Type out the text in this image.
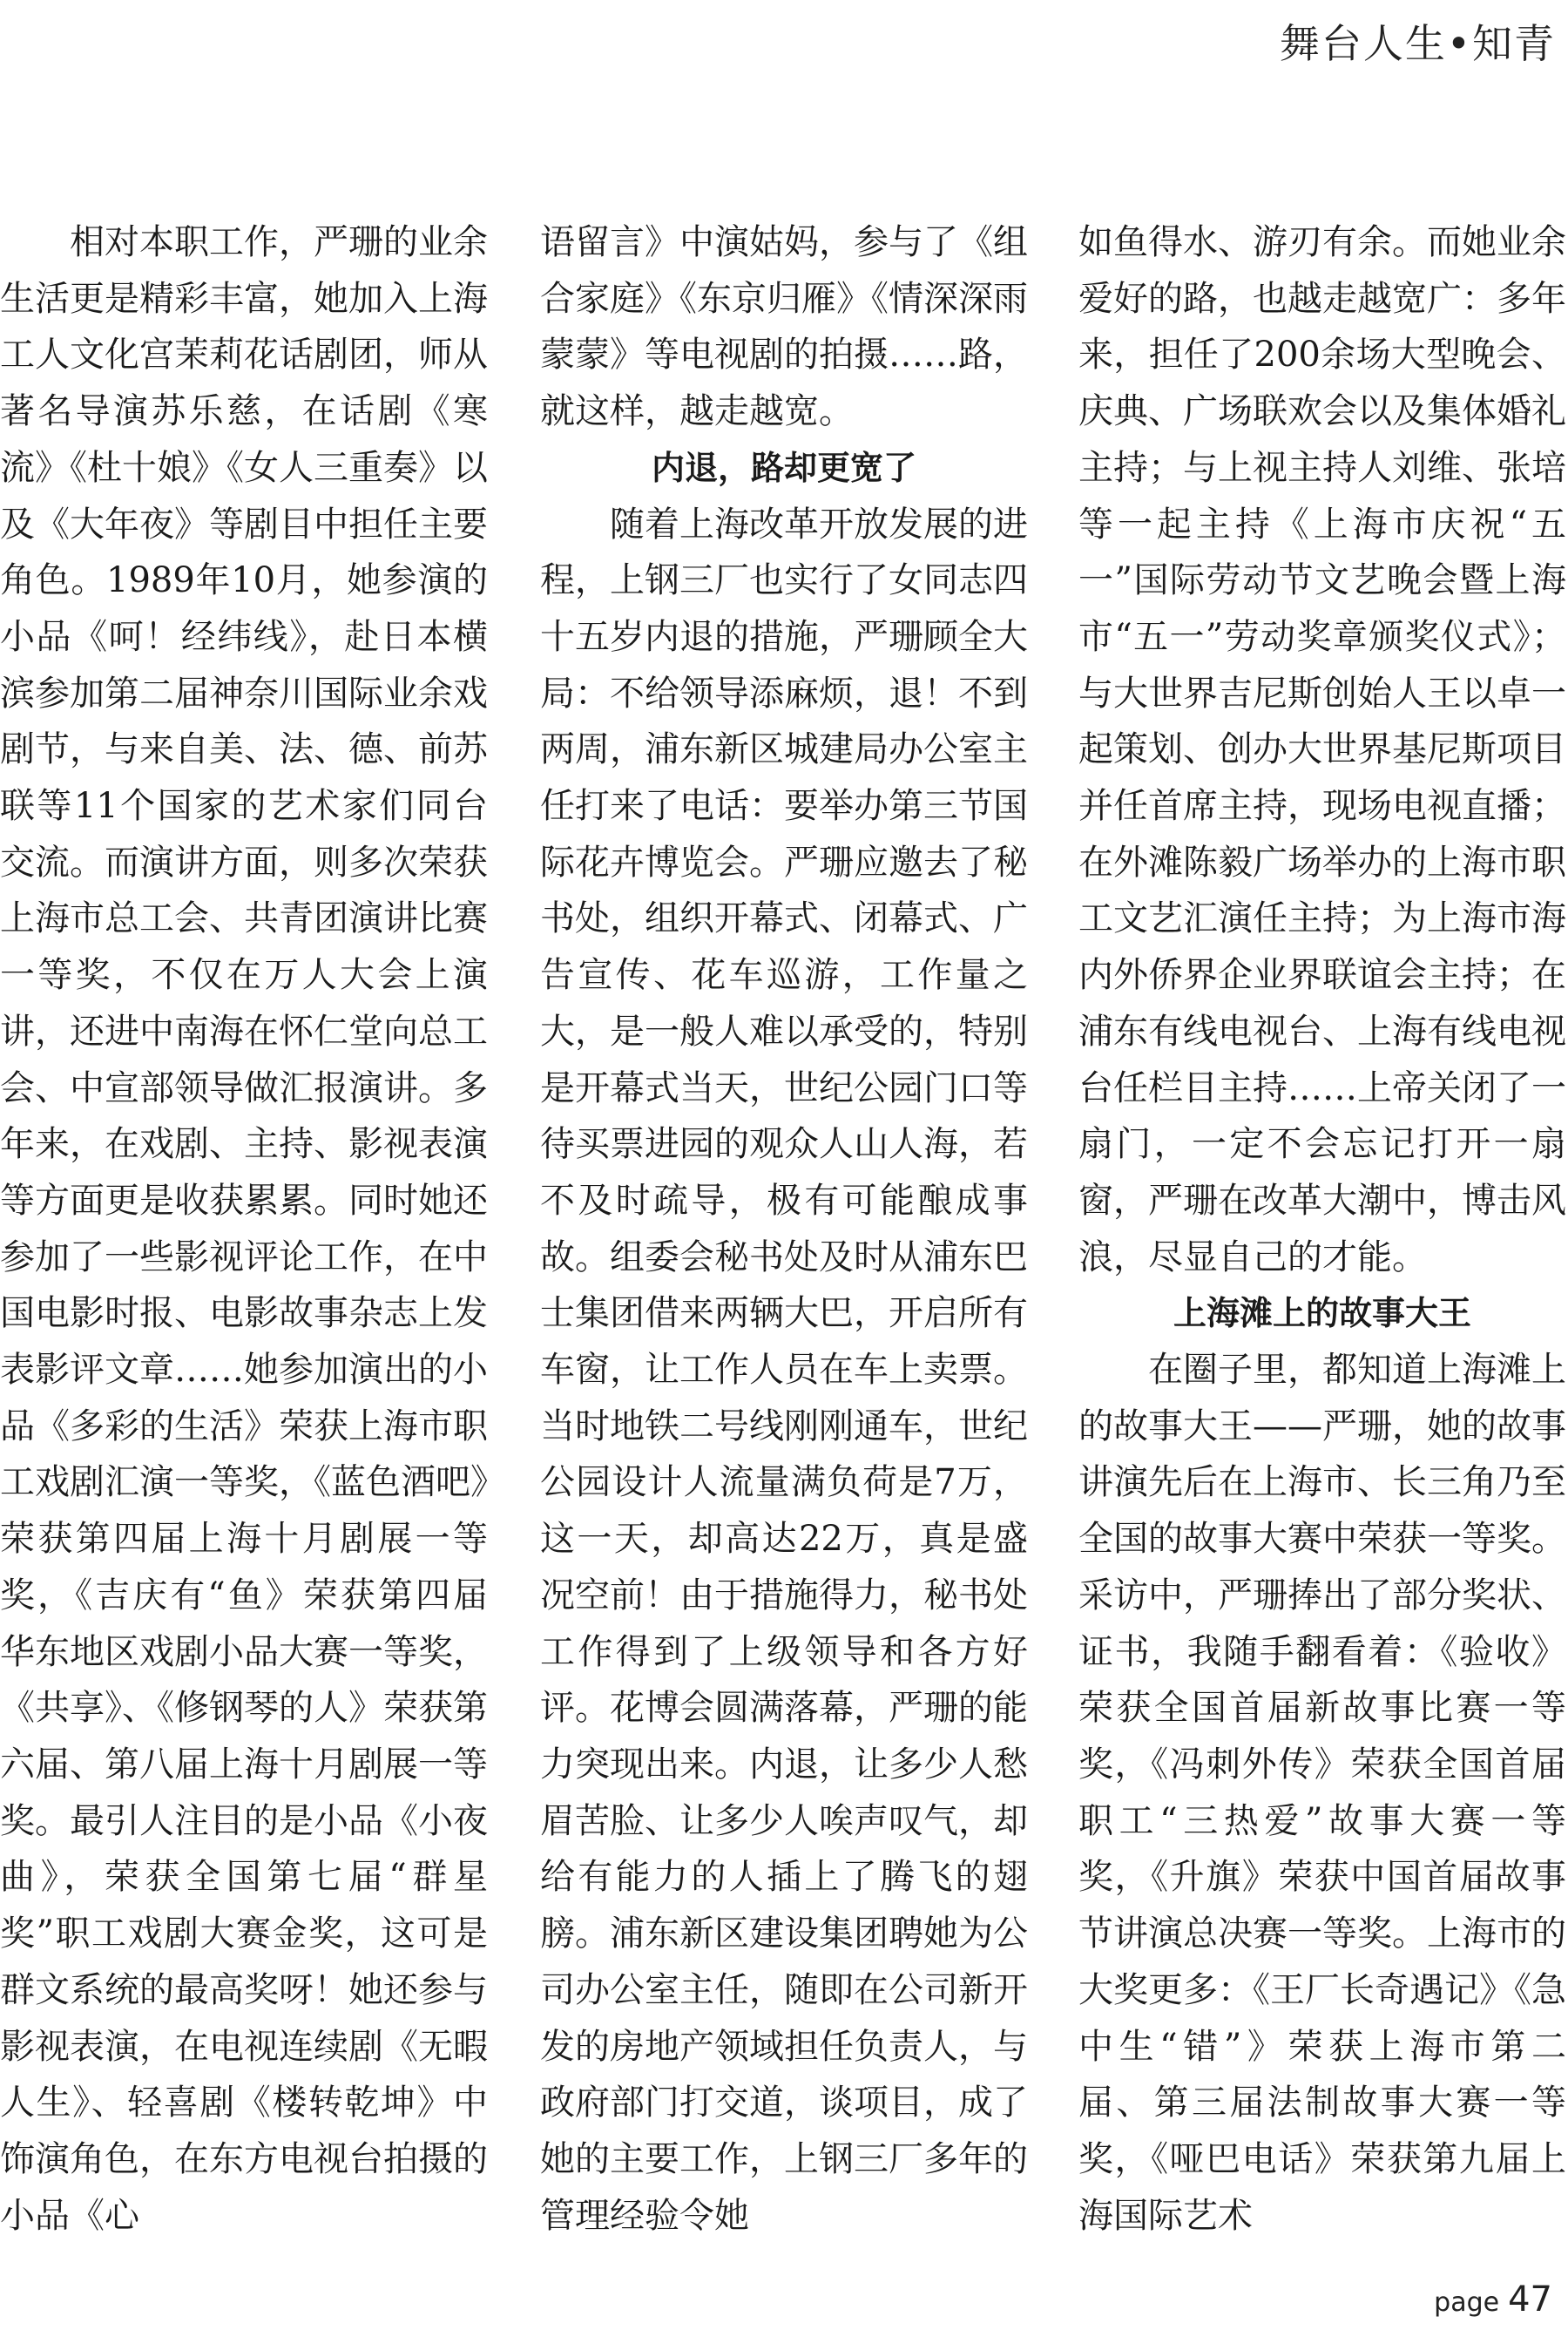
舞台人生•知青

相对本职工作，严珊的业余生活更是精彩丰富，她加入上海工人文化宫茉莉花话剧团，师从著名导演苏乐慈，在话剧《寒流》《杜十娘》《女人三重奏》以及《大年夜》等剧目中担任主要角色。1989年10月，她参演的小品《呵！经纬线》，赴日本横滨参加第二届神奈川国际业余戏剧节，与来自美、法、德、前苏联等11个国家的艺术家们同台交流。而演讲方面，则多次荣获上海市总工会、共青团演讲比赛一等奖，不仅在万人大会上演讲，还进中南海在怀仁堂向总工会、中宣部领导做汇报演讲。多年来，在戏剧、主持、影视表演等方面更是收获累累。同时她还参加了一些影视评论工作，在中国电影时报、电影故事杂志上发表影评文章……她参加演出的小品《多彩的生活》荣获上海市职工戏剧汇演一等奖，《蓝色酒吧》荣获第四届上海十月剧展一等奖，《吉庆有“鱼》荣获第四届华东地区戏剧小品大赛一等奖，《共享》、《修钢琴的人》荣获第六届、第八届上海十月剧展一等奖。最引人注目的是小品《小夜曲》，荣获全国第七届“群星奖”职工戏剧大赛金奖，这可是群文系统的最高奖呀！她还参与影视表演，在电视连续剧《无暇人生》、轻喜剧《楼转乾坤》中饰演角色，在东方电视台拍摄的小品《心

语留言》中演姑妈，参与了《组合家庭》《东京归雁》《情深深雨蒙蒙》等电视剧的拍摄……路，就这样，越走越宽。

内退，路却更宽了

随着上海改革开放发展的进程，上钢三厂也实行了女同志四十五岁内退的措施，严珊顾全大局：不给领导添麻烦，退！不到两周，浦东新区城建局办公室主任打来了电话：要举办第三节国际花卉博览会。严珊应邀去了秘书处，组织开幕式、闭幕式、广告宣传、花车巡游，工作量之大，是一般人难以承受的，特别是开幕式当天，世纪公园门口等待买票进园的观众人山人海，若不及时疏导，极有可能酿成事故。组委会秘书处及时从浦东巴士集团借来两辆大巴，开启所有车窗，让工作人员在车上卖票。当时地铁二号线刚刚通车，世纪公园设计人流量满负荷是7万，这一天，却高达22万，真是盛况空前！由于措施得力，秘书处工作得到了上级领导和各方好评。花博会圆满落幕，严珊的能力突现出来。内退，让多少人愁眉苦脸、让多少人唉声叹气，却给有能力的人插上了腾飞的翅膀。浦东新区建设集团聘她为公司办公室主任，随即在公司新开发的房地产领域担任负责人，与政府部门打交道，谈项目，成了她的主要工作，上钢三厂多年的管理经验令她

如鱼得水、游刃有余。而她业余爱好的路，也越走越宽广：多年来，担任了200余场大型晚会、庆典、广场联欢会以及集体婚礼主持；与上视主持人刘维、张培等一起主持《上海市庆祝“五一”国际劳动节文艺晚会暨上海市“五一”劳动奖章颁奖仪式》；与大世界吉尼斯创始人王以卓一起策划、创办大世界基尼斯项目并任首席主持，现场电视直播；在外滩陈毅广场举办的上海市职工文艺汇演任主持；为上海市海内外侨界企业界联谊会主持；在浦东有线电视台、上海有线电视台任栏目主持……上帝关闭了一扇门，一定不会忘记打开一扇窗，严珊在改革大潮中，博击风浪，尽显自己的才能。

上海滩上的故事大王

在圈子里，都知道上海滩上的故事大王——严珊，她的故事讲演先后在上海市、长三角乃至全国的故事大赛中荣获一等奖。采访中，严珊捧出了部分奖状、证书，我随手翻看着：《验收》荣获全国首届新故事比赛一等奖，《冯刺外传》荣获全国首届职工“三热爱”故事大赛一等奖，《升旗》荣获中国首届故事节讲演总决赛一等奖。上海市的大奖更多：《王厂长奇遇记》《急中生“错”》荣获上海市第二届、第三届法制故事大赛一等奖，《哑巴电话》荣获第九届上海国际艺术

page 47
